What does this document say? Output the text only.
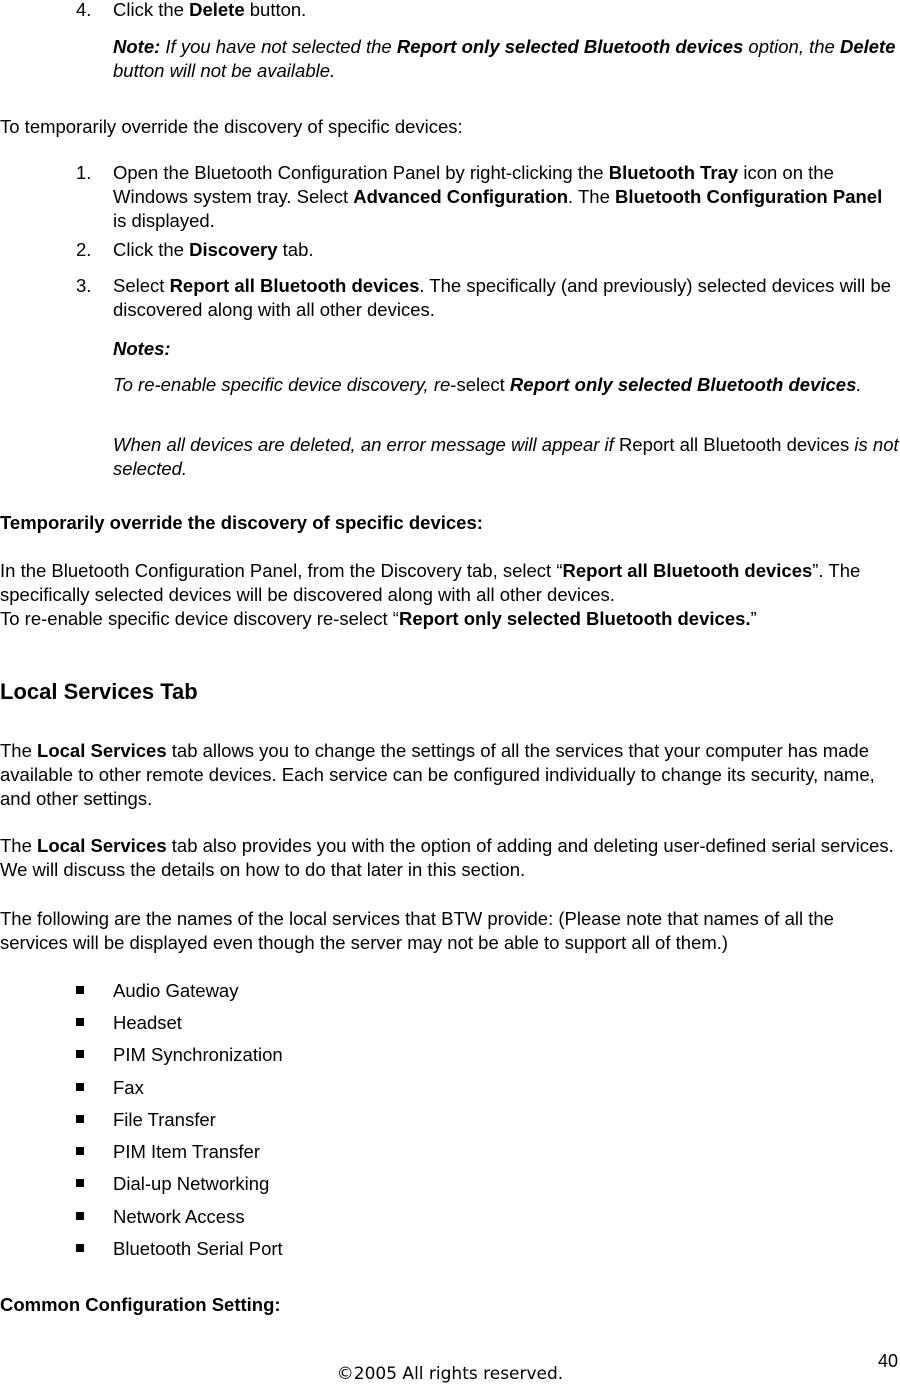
4. Click the Delete button.
Note: If you have not selected the Report only selected Bluetooth devices option, the Delete button will not be available.
To temporarily override the discovery of specific devices:
1. Open the Bluetooth Configuration Panel by right-clicking the Bluetooth Tray icon on the Windows system tray. Select Advanced Configuration. The Bluetooth Configuration Panel is displayed.
2. Click the Discovery tab.
3. Select Report all Bluetooth devices. The specifically (and previously) selected devices will be discovered along with all other devices.
Notes:
To re-enable specific device discovery, re-select Report only selected Bluetooth devices.
When all devices are deleted, an error message will appear if Report all Bluetooth devices is not selected.
Temporarily override the discovery of specific devices:
In the Bluetooth Configuration Panel, from the Discovery tab, select “Report all Bluetooth devices”. The specifically selected devices will be discovered along with all other devices.
To re-enable specific device discovery re-select “Report only selected Bluetooth devices.”
Local Services Tab
The Local Services tab allows you to change the settings of all the services that your computer has made available to other remote devices. Each service can be configured individually to change its security, name, and other settings.
The Local Services tab also provides you with the option of adding and deleting user-defined serial services. We will discuss the details on how to do that later in this section.
The following are the names of the local services that BTW provide: (Please note that names of all the services will be displayed even though the server may not be able to support all of them.)
Audio Gateway
Headset
PIM Synchronization
Fax
File Transfer
PIM Item Transfer
Dial-up Networking
Network Access
Bluetooth Serial Port
Common Configuration Setting:
40
©2005 All rights reserved.
